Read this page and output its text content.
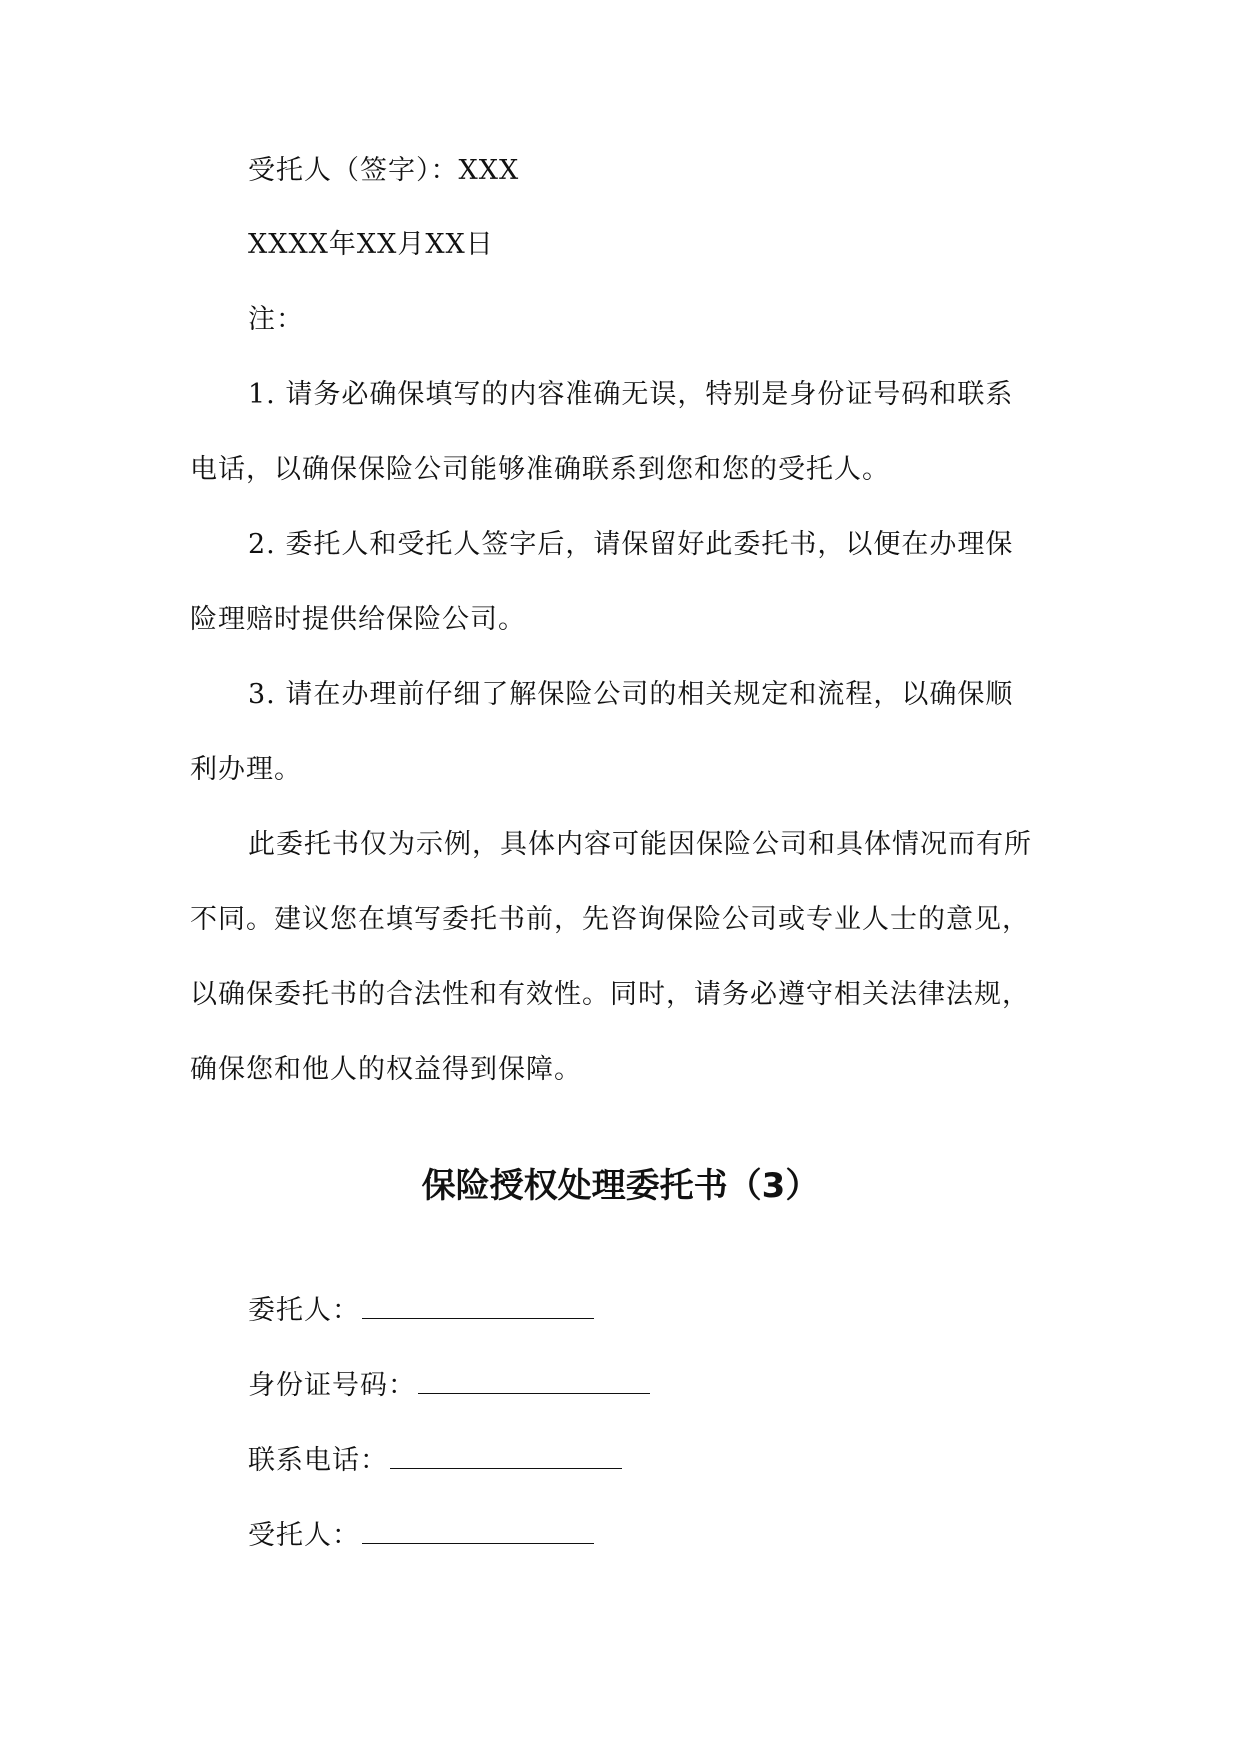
受托人（签字）：XXX
XXXX年XX月XX日
注：
1. 请务必确保填写的内容准确无误，特别是身份证号码和联系
电话，以确保保险公司能够准确联系到您和您的受托人。
2. 委托人和受托人签字后，请保留好此委托书，以便在办理保
险理赔时提供给保险公司。
3. 请在办理前仔细了解保险公司的相关规定和流程，以确保顺
利办理。
此委托书仅为示例，具体内容可能因保险公司和具体情况而有所
不同。建议您在填写委托书前，先咨询保险公司或专业人士的意见，
以确保委托书的合法性和有效性。同时，请务必遵守相关法律法规，
确保您和他人的权益得到保障。
保险授权处理委托书（3）
委托人：
身份证号码：
联系电话：
受托人：
